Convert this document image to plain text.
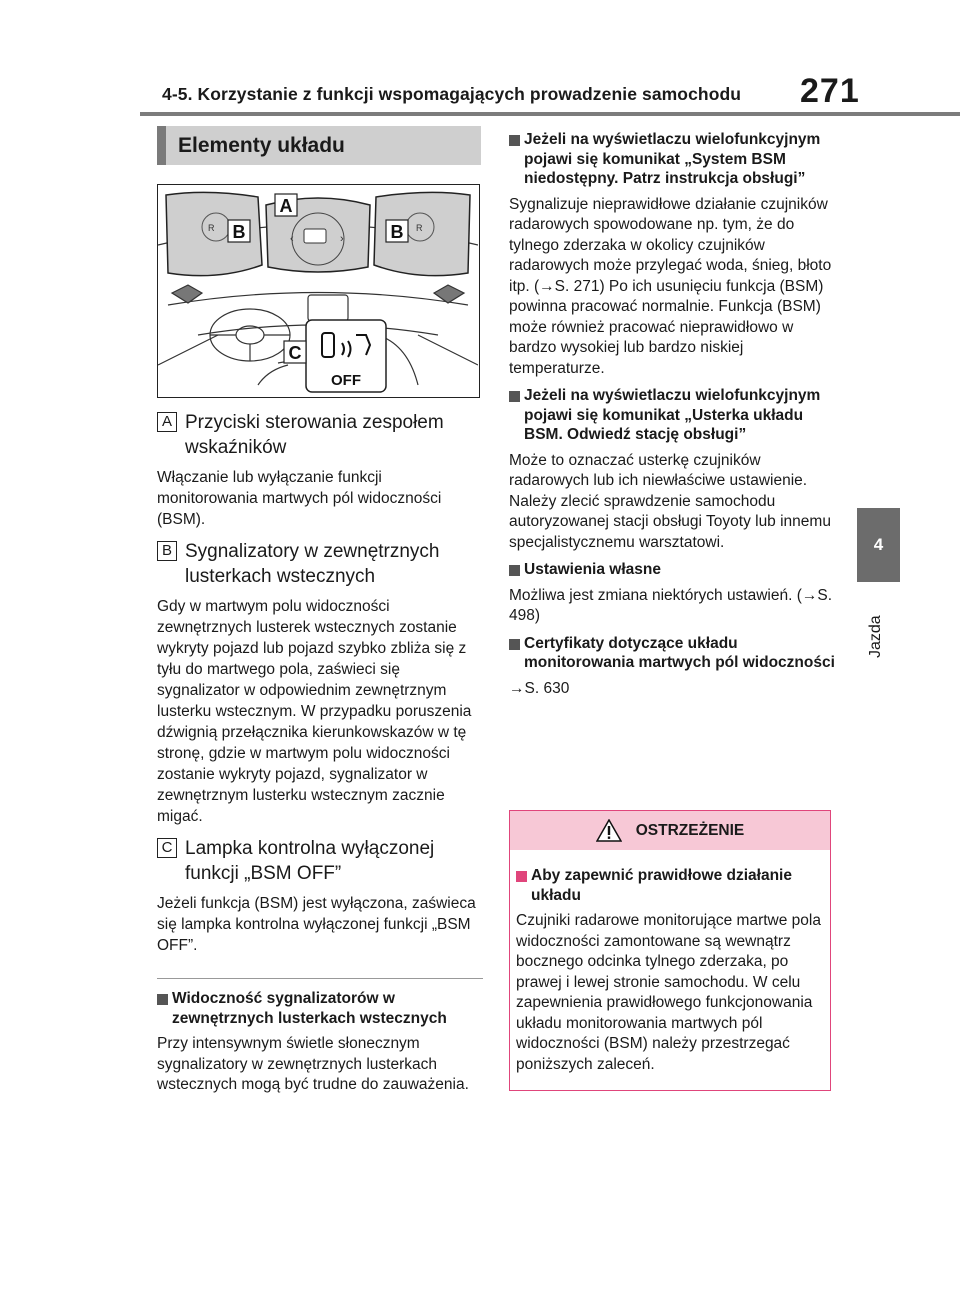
4-5. Korzystanie z funkcji wspomagających prowadzenie samochodu 271
4
Jazda
Elementy układu
R	R
‹	›
OFF
A
B	B
C
A Przyciski sterowania zespołem wskaźników
Włączanie lub wyłączanie funkcji monitorowania martwych pól widoczności (BSM).
B Sygnalizatory w zewnętrznych lusterkach wstecznych
Gdy w martwym polu widoczności zewnętrznych lusterek wstecznych zostanie wykryty pojazd lub pojazd szybko zbliża się z tyłu do martwego pola, zaświeci się sygnalizator w odpowiednim zewnętrznym lusterku wstecznym. W przypadku poruszenia dźwignią przełącznika kierunkowskazów w tę stronę, gdzie w martwym polu widoczności zostanie wykryty pojazd, sygnalizator w zewnętrznym lusterku wstecznym zacznie migać.
C Lampka kontrolna wyłączonej funkcji „BSM OFF”
Jeżeli funkcja (BSM) jest wyłączona, zaświeca się lampka kontrolna wyłączonej funkcji „BSM OFF”.
Widoczność sygnalizatorów w zewnętrznych lusterkach wstecznych
Przy intensywnym świetle słonecznym sygnalizatory w zewnętrznych lusterkach wstecznych mogą być trudne do zauważenia.
Jeżeli na wyświetlaczu wielofunkcyjnym pojawi się komunikat „System BSM niedostępny. Patrz instrukcja obsługi”
Sygnalizuje nieprawidłowe działanie czujników radarowych spowodowane np. tym, że do tylnego zderzaka w okolicy czujników radarowych może przylegać woda, śnieg, błoto itp. (→S. 271) Po ich usunięciu funkcja (BSM) powinna pracować normalnie. Funkcja (BSM) może również pracować nieprawidłowo w bardzo wysokiej lub bardzo niskiej temperaturze.
Jeżeli na wyświetlaczu wielofunkcyjnym pojawi się komunikat „Usterka układu BSM. Odwiedź stację obsługi”
Może to oznaczać usterkę czujników radarowych lub ich niewłaściwe ustawienie. Należy zlecić sprawdzenie samochodu autoryzowanej stacji obsługi Toyoty lub innemu specjalistycznemu warsztatowi.
Ustawienia własne
Możliwa jest zmiana niektórych ustawień. (→S. 498)
Certyfikaty dotyczące układu monitorowania martwych pól widoczności
→S. 630
OSTRZEŻENIE
Aby zapewnić prawidłowe działanie układu
Czujniki radarowe monitorujące martwe pola widoczności zamontowane są wewnątrz bocznego odcinka tylnego zderzaka, po prawej i lewej stronie samochodu. W celu zapewnienia prawidłowego funkcjonowania układu monitorowania martwych pól widoczności (BSM) należy przestrzegać poniższych zaleceń.
